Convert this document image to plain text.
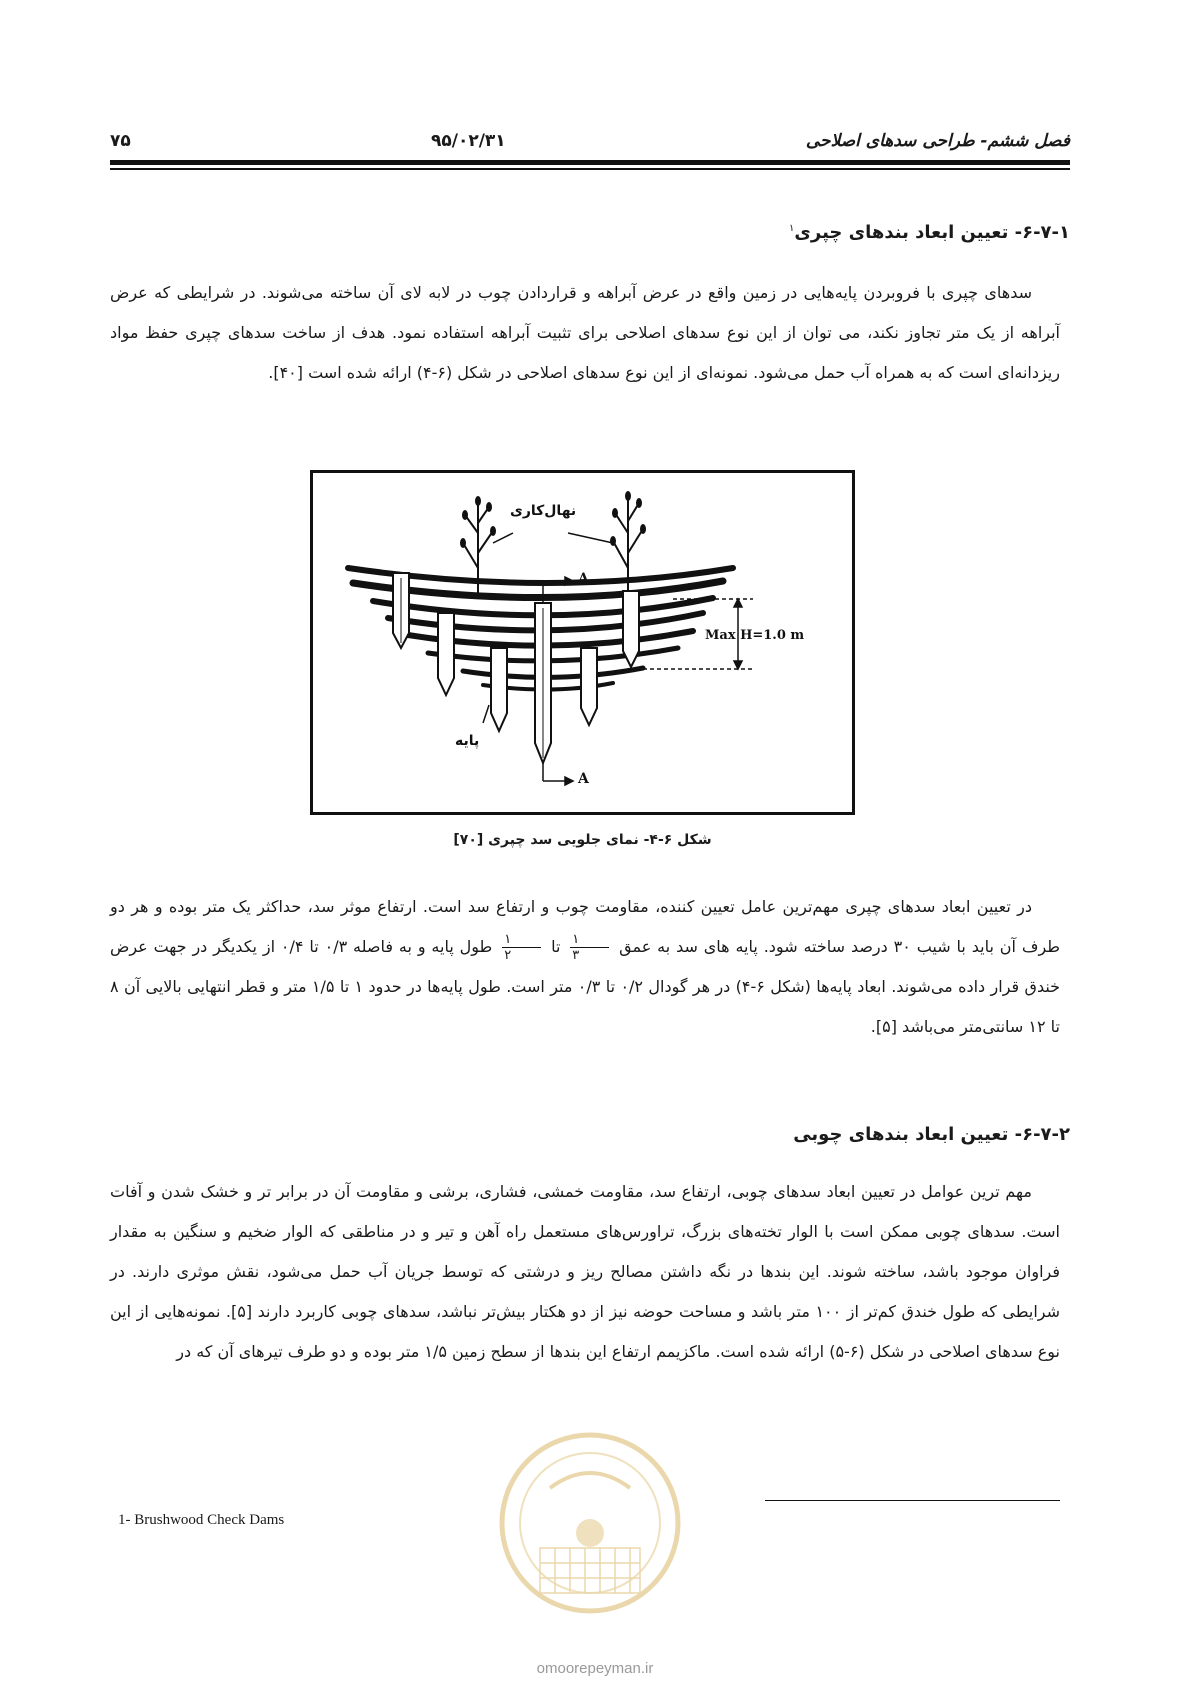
۷۵	۹۵/۰۲/۳۱	فصل ششم- طراحی سدهای اصلاحی
۶-۷-۱- تعیین ابعاد بندهای چپری$^۱$

سدهای چپری با فروبردن پایه‌هایی در زمین واقع در عرض آبراهه و قراردادن چوب در لابه لای آن ساخته می‌شوند. در شرایطی که عرض آبراهه از یک متر تجاوز نکند، می توان از این نوع سدهای اصلاحی برای تثبیت آبراهه استفاده نمود. هدف از ساخت سدهای چپری حفظ مواد ریزدانه‌ای است که به همراه آب حمل می‌شود. نمونه‌ای از این نوع سدهای اصلاحی در شکل (۶-۴) ارائه شده است [۴۰].

نهال‌کاری
پایه
A
A
Max H=1.0 m
شکل ۶-۴- نمای جلویی سد چپری [۷۰]

در تعیین ابعاد سدهای چپری مهم‌ترین عامل تعیین کننده، مقاومت چوب و ارتفاع سد است. ارتفاع موثر سد، حداکثر یک متر بوده و هر دو طرف آن باید با شیب ۳۰ درصد ساخته شود. پایه های سد به عمق
$\frac{۱}{۳}$
تا
$\frac{۱}{۲}$
طول پایه و به فاصله ۰/۳ تا ۰/۴ از یکدیگر در جهت عرض خندق قرار داده می‌شوند. ابعاد پایه‌ها (شکل ۶-۴) در هر گودال ۰/۲ تا ۰/۳ متر است. طول پایه‌ها در حدود ۱ تا ۱/۵ متر و قطر انتهایی بالایی آن ۸ تا ۱۲ سانتی‌متر می‌باشد [۵].

۶-۷-۲- تعیین ابعاد بندهای چوبی

مهم ترین عوامل در تعیین ابعاد سدهای چوبی، ارتفاع سد، مقاومت خمشی، فشاری، برشی و مقاومت آن در برابر تر و خشک شدن و آفات است. سدهای چوبی ممکن است با الوار تخته‌های بزرگ، تراورس‌های مستعمل راه آهن و تیر و در مناطقی که الوار ضخیم و سنگین به مقدار فراوان موجود باشد، ساخته شوند. این بندها در نگه داشتن مصالح ریز و درشتی که توسط جریان آب حمل می‌شود، نقش موثری دارند. در شرایطی که طول خندق کم‌تر از ۱۰۰ متر باشد و مساحت حوضه نیز از دو هکتار بیش‌تر نباشد، سدهای چوبی کاربرد دارند [۵]. نمونه‌هایی از این نوع سدهای اصلاحی در شکل (۶-۵) ارائه شده است. ماکزیمم ارتفاع این بندها از سطح زمین ۱/۵ متر بوده و دو طرف تیرهای آن که در

1- Brushwood Check Dams
omoorepeyman.ir
